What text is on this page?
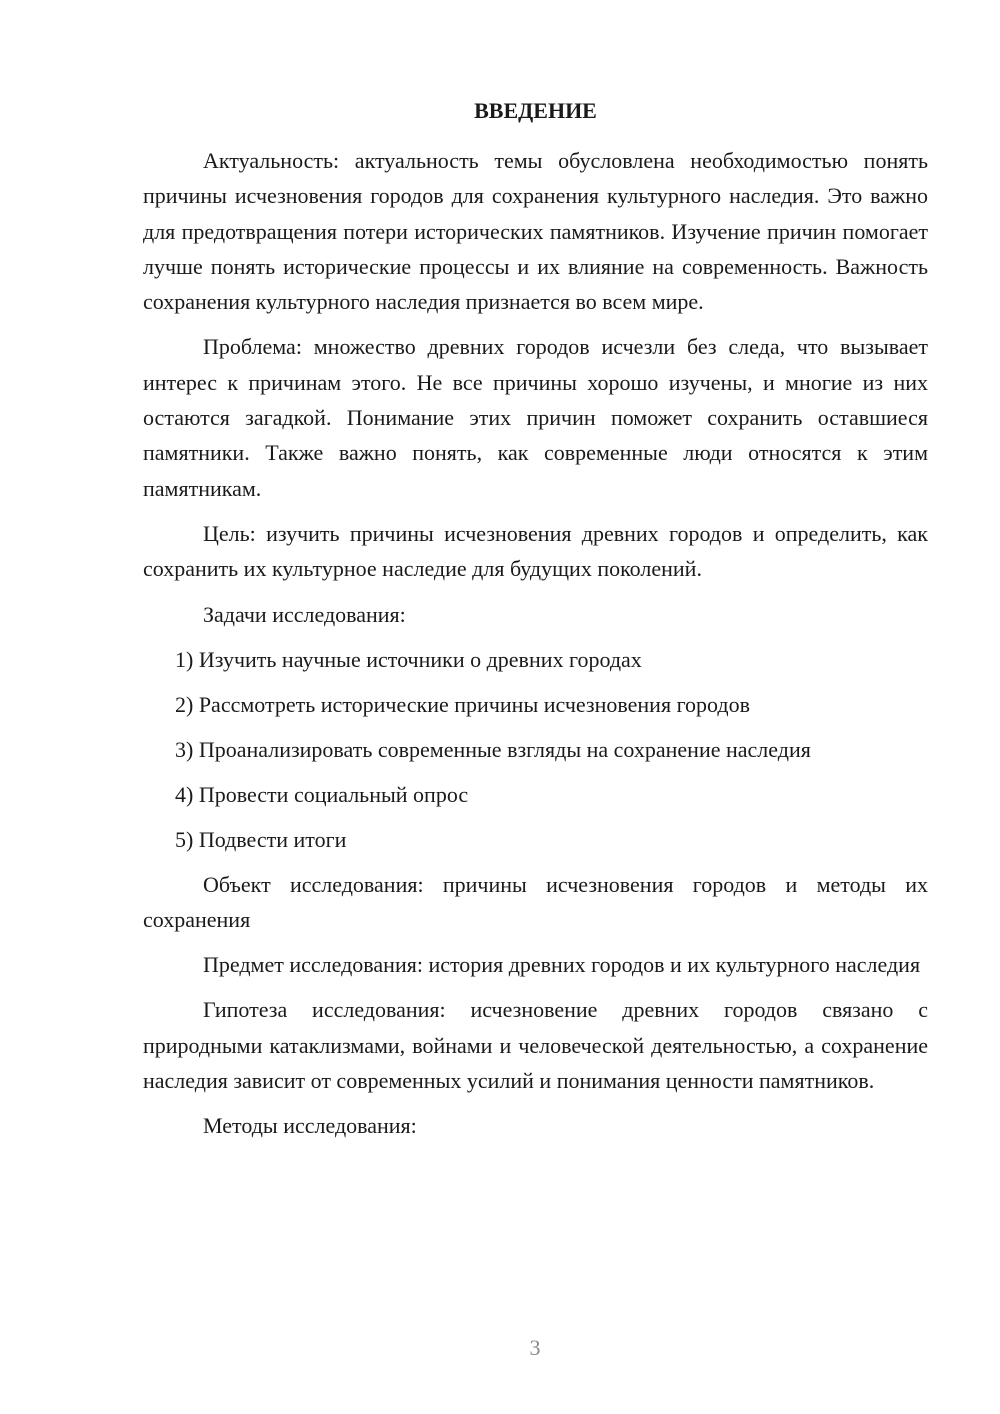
ВВЕДЕНИЕ

Актуальность: актуальность темы обусловлена необходимостью понять причины исчезновения городов для сохранения культурного наследия. Это важно для предотвращения потери исторических памятников. Изучение причин помогает лучше понять исторические процессы и их влияние на современность. Важность сохранения культурного наследия признается во всем мире.

Проблема: множество древних городов исчезли без следа, что вызывает интерес к причинам этого. Не все причины хорошо изучены, и многие из них остаются загадкой. Понимание этих причин поможет сохранить оставшиеся памятники. Также важно понять, как современные люди относятся к этим памятникам.

Цель: изучить причины исчезновения древних городов и определить, как сохранить их культурное наследие для будущих поколений.

Задачи исследования:

1) Изучить научные источники о древних городах
2) Рассмотреть исторические причины исчезновения городов
3) Проанализировать современные взгляды на сохранение наследия
4) Провести социальный опрос
5) Подвести итоги

Объект исследования: причины исчезновения городов и методы их сохранения

Предмет исследования: история древних городов и их культурного наследия

Гипотеза исследования: исчезновение древних городов связано с природными катаклизмами, войнами и человеческой деятельностью, а сохранение наследия зависит от современных усилий и понимания ценности памятников.

Методы исследования:

3
